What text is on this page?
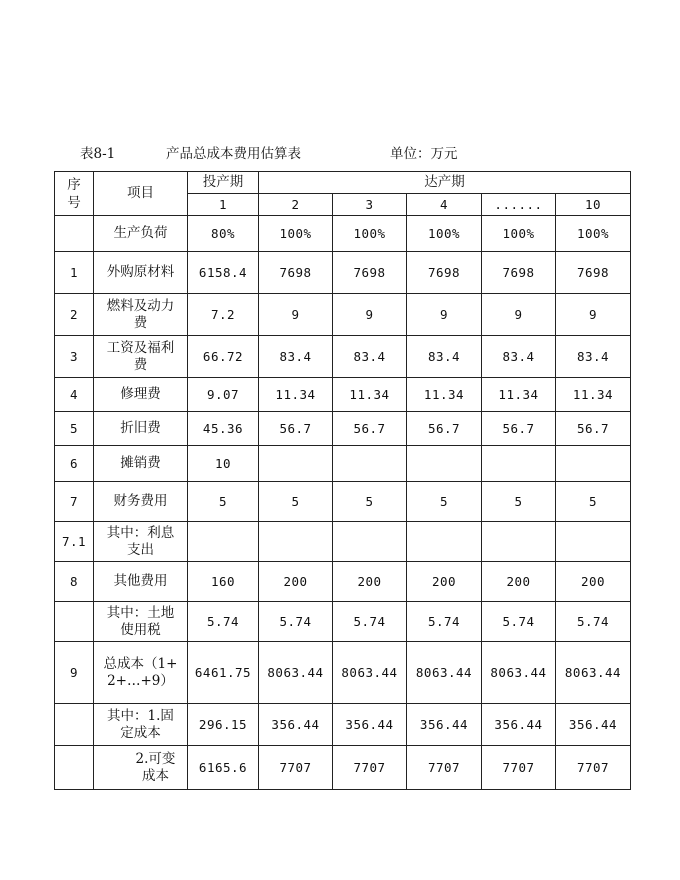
表8-1	产品总成本费用估算表	单位：万元
序号	项目	投产期	达产期				
		1	2	3	4	......	10

	生产负荷	80%	100%	100%	100%	100%	100%
1	外购原材料	6158.4	7698	7698	7698	7698	7698
2	燃料及动力费	7.2	9	9	9	9	9
3	工资及福利费	66.72	83.4	83.4	83.4	83.4	83.4
4	修理费	9.07	11.34	11.34	11.34	11.34	11.34
5	折旧费	45.36	56.7	56.7	56.7	56.7	56.7
6	摊销费	10					
7	财务费用	5	5	5	5	5	5
7.1	其中：利息支出						

8	其他费用	160	200	200	200	200	200

	其中：土地使用税	5.74	5.74	5.74	5.74	5.74	5.74
9	总成本（1+2+…+9）	6461.75	8063.44	8063.44	8063.44	8063.44	8063.44

	其中：1.固定成本	296.15	356.44	356.44	356.44	356.44	356.44

	2.可变成本	6165.6	7707	7707	7707	7707	7707
